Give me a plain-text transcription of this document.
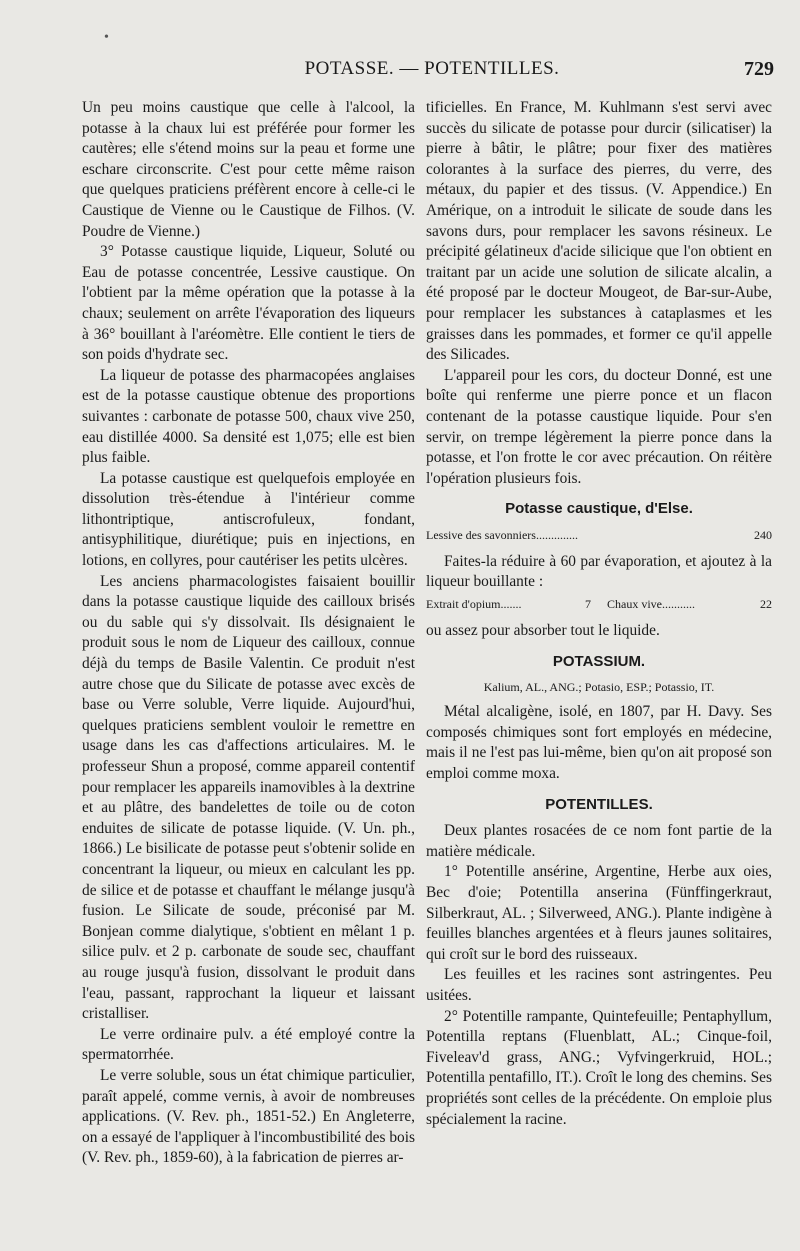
•
POTASSE. — POTENTILLES.	729

Un peu moins caustique que celle à l'alcool, la potasse à la chaux lui est préférée pour former les cautères; elle s'étend moins sur la peau et forme une eschare circonscrite. C'est pour cette même raison que quelques praticiens préfèrent encore à celle-ci le Caustique de Vienne ou le Caustique de Filhos. (V. Poudre de Vienne.)

3° Potasse caustique liquide, Liqueur, Soluté ou Eau de potasse concentrée, Lessive caustique. On l'obtient par la même opération que la potasse à la chaux; seulement on arrête l'évaporation des liqueurs à 36° bouillant à l'aréomètre. Elle contient le tiers de son poids d'hydrate sec.

La liqueur de potasse des pharmacopées anglaises est de la potasse caustique obtenue des proportions suivantes : carbonate de potasse 500, chaux vive 250, eau distillée 4000. Sa densité est 1,075; elle est bien plus faible.

La potasse caustique est quelquefois employée en dissolution très-étendue à l'intérieur comme lithontriptique, antiscrofuleux, fondant, antisyphilitique, diurétique; puis en injections, en lotions, en collyres, pour cautériser les petits ulcères.

Les anciens pharmacologistes faisaient bouillir dans la potasse caustique liquide des cailloux brisés ou du sable qui s'y dissolvait. Ils désignaient le produit sous le nom de Liqueur des cailloux, connue déjà du temps de Basile Valentin. Ce produit n'est autre chose que du Silicate de potasse avec excès de base ou Verre soluble, Verre liquide. Aujourd'hui, quelques praticiens semblent vouloir le remettre en usage dans les cas d'affections articulaires. M. le professeur Shun a proposé, comme appareil contentif pour remplacer les appareils inamovibles à la dextrine et au plâtre, des bandelettes de toile ou de coton enduites de silicate de potasse liquide. (V. Un. ph., 1866.) Le bisilicate de potasse peut s'obtenir solide en concentrant la liqueur, ou mieux en calculant les pp. de silice et de potasse et chauffant le mélange jusqu'à fusion. Le Silicate de soude, préconisé par M. Bonjean comme dialytique, s'obtient en mêlant 1 p. silice pulv. et 2 p. carbonate de soude sec, chauffant au rouge jusqu'à fusion, dissolvant le produit dans l'eau, passant, rapprochant la liqueur et laissant cristalliser.

Le verre ordinaire pulv. a été employé contre la spermatorrhée.

Le verre soluble, sous un état chimique particulier, paraît appelé, comme vernis, à avoir de nombreuses applications. (V. Rev. ph., 1851-52.) En Angleterre, on a essayé de l'appliquer à l'incombustibilité des bois (V. Rev. ph., 1859-60), à la fabrication de pierres ar-

tificielles. En France, M. Kuhlmann s'est servi avec succès du silicate de potasse pour durcir (silicatiser) la pierre à bâtir, le plâtre; pour fixer des matières colorantes à la surface des pierres, du verre, des métaux, du papier et des tissus. (V. Appendice.) En Amérique, on a introduit le silicate de soude dans les savons durs, pour remplacer les savons résineux. Le précipité gélatineux d'acide silicique que l'on obtient en traitant par un acide une solution de silicate alcalin, a été proposé par le docteur Mougeot, de Bar-sur-Aube, pour remplacer les substances à cataplasmes et les graisses dans les pommades, et former ce qu'il appelle des Silicades.

L'appareil pour les cors, du docteur Donné, est une boîte qui renferme une pierre ponce et un flacon contenant de la potasse caustique liquide. Pour s'en servir, on trempe légèrement la pierre ponce dans la potasse, et l'on frotte le cor avec précaution. On réitère l'opération plusieurs fois.

Potasse caustique, d'Else.
Lessive des savonniers..............	240

Faites-la réduire à 60 par évaporation, et ajoutez à la liqueur bouillante :

Extrait d'opium.......	7 Chaux vive...........	22

ou assez pour absorber tout le liquide.

POTASSIUM.
Kalium, AL., ANG.; Potasio, ESP.; Potassio, IT.

Métal alcaligène, isolé, en 1807, par H. Davy. Ses composés chimiques sont fort employés en médecine, mais il ne l'est pas lui-même, bien qu'on ait proposé son emploi comme moxa.

POTENTILLES.

Deux plantes rosacées de ce nom font partie de la matière médicale.

1° Potentille ansérine, Argentine, Herbe aux oies, Bec d'oie; Potentilla anserina (Fünffingerkraut, Silberkraut, AL. ; Silverweed, ANG.). Plante indigène à feuilles blanches argentées et à fleurs jaunes solitaires, qui croît sur le bord des ruisseaux.

Les feuilles et les racines sont astringentes. Peu usitées.

2° Potentille rampante, Quintefeuille; Pentaphyllum, Potentilla reptans (Fluenblatt, AL.; Cinque-foil, Fiveleav'd grass, ANG.; Vyfvingerkruid, HOL.; Potentilla pentafillo, IT.). Croît le long des chemins. Ses propriétés sont celles de la précédente. On emploie plus spécialement la racine.
